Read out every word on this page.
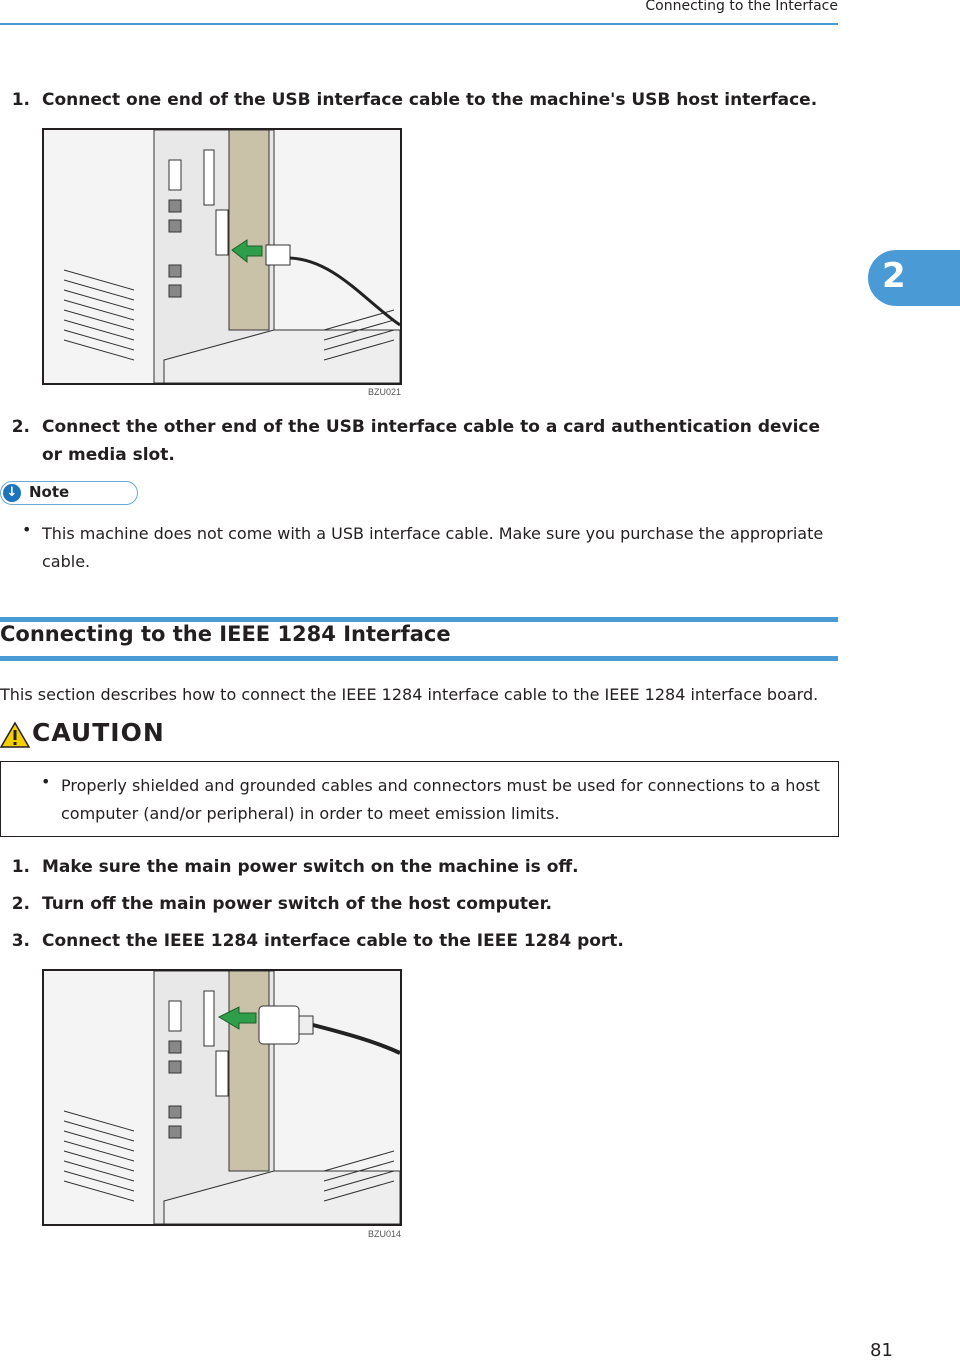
Connecting to the Interface
2
1. Connect one end of the USB interface cable to the machine's USB host interface.
BZU021
2. Connect the other end of the USB interface cable to a card authentication device or media slot.
↓ Note
• This machine does not come with a USB interface cable. Make sure you purchase the appropriate cable.
Connecting to the IEEE 1284 Interface
This section describes how to connect the IEEE 1284 interface cable to the IEEE 1284 interface board.
CAUTION
• Properly shielded and grounded cables and connectors must be used for connections to a host computer (and/or peripheral) in order to meet emission limits.
1. Make sure the main power switch on the machine is off.
2. Turn off the main power switch of the host computer.
3. Connect the IEEE 1284 interface cable to the IEEE 1284 port.
BZU014
81
